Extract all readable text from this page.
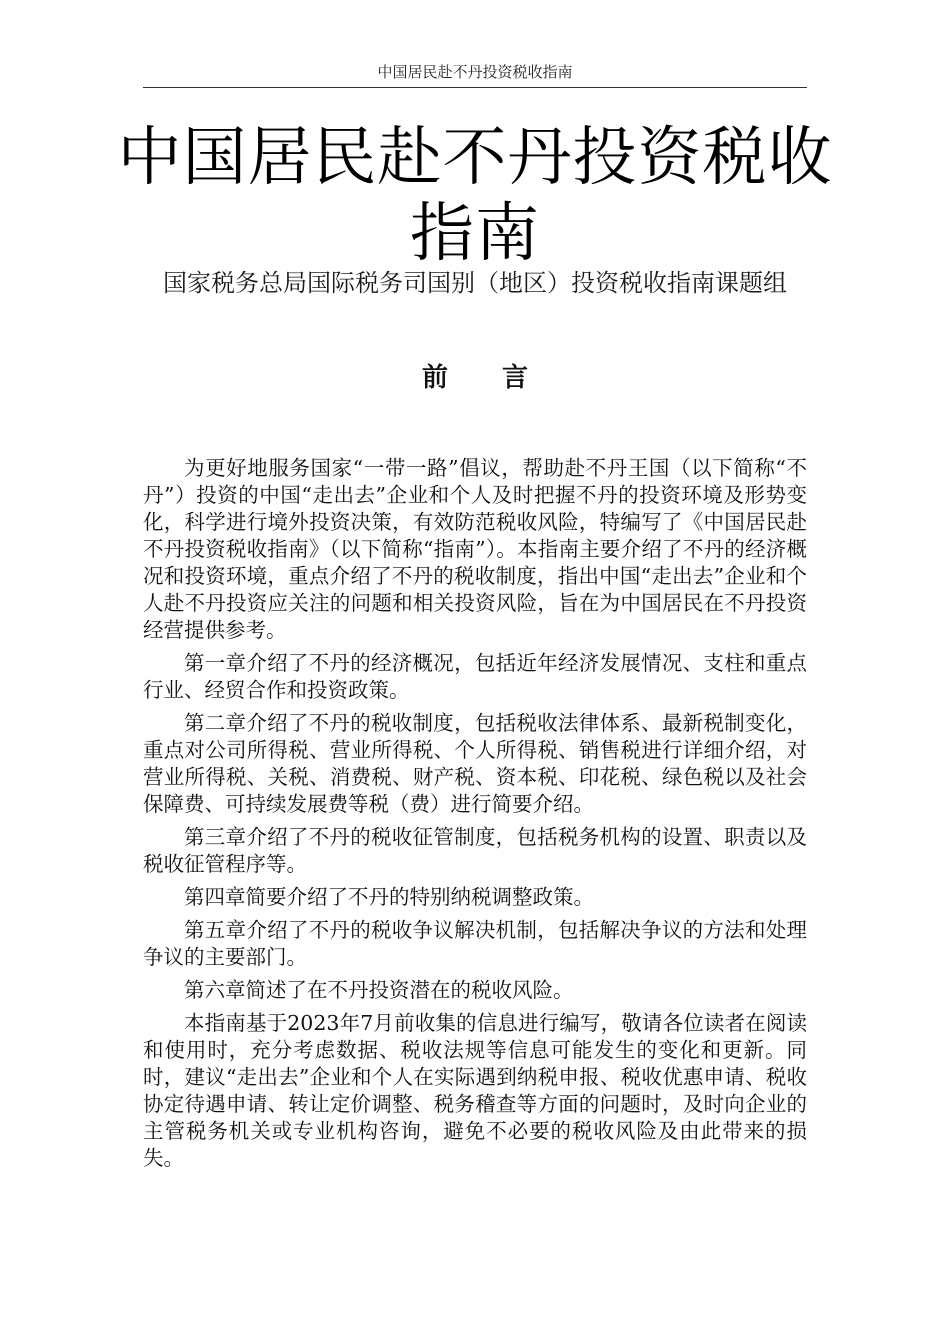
中国居民赴不丹投资税收指南
中国居民赴不丹投资税收
指南
国家税务总局国际税务司国别（地区）投资税收指南课题组
前言

为更好地服务国家“一带一路”倡议，帮助赴不丹王国（以下简称“不丹”）投资的中国“走出去”企业和个人及时把握不丹的投资环境及形势变化，科学进行境外投资决策，有效防范税收风险，特编写了《中国居民赴不丹投资税收指南》（以下简称“指南”）。本指南主要介绍了不丹的经济概况和投资环境，重点介绍了不丹的税收制度，指出中国“走出去”企业和个人赴不丹投资应关注的问题和相关投资风险，旨在为中国居民在不丹投资经营提供参考。

第一章介绍了不丹的经济概况，包括近年经济发展情况、支柱和重点行业、经贸合作和投资政策。

第二章介绍了不丹的税收制度，包括税收法律体系、最新税制变化，重点对公司所得税、营业所得税、个人所得税、销售税进行详细介绍，对营业所得税、关税、消费税、财产税、资本税、印花税、绿色税以及社会保障费、可持续发展费等税（费）进行简要介绍。

第三章介绍了不丹的税收征管制度，包括税务机构的设置、职责以及税收征管程序等。

第四章简要介绍了不丹的特别纳税调整政策。

第五章介绍了不丹的税收争议解决机制，包括解决争议的方法和处理争议的主要部门。

第六章简述了在不丹投资潜在的税收风险。

本指南基于2023年7月前收集的信息进行编写，敬请各位读者在阅读和使用时，充分考虑数据、税收法规等信息可能发生的变化和更新。同时，建议“走出去”企业和个人在实际遇到纳税申报、税收优惠申请、税收协定待遇申请、转让定价调整、税务稽查等方面的问题时，及时向企业的主管税务机关或专业机构咨询，避免不必要的税收风险及由此带来的损失。
